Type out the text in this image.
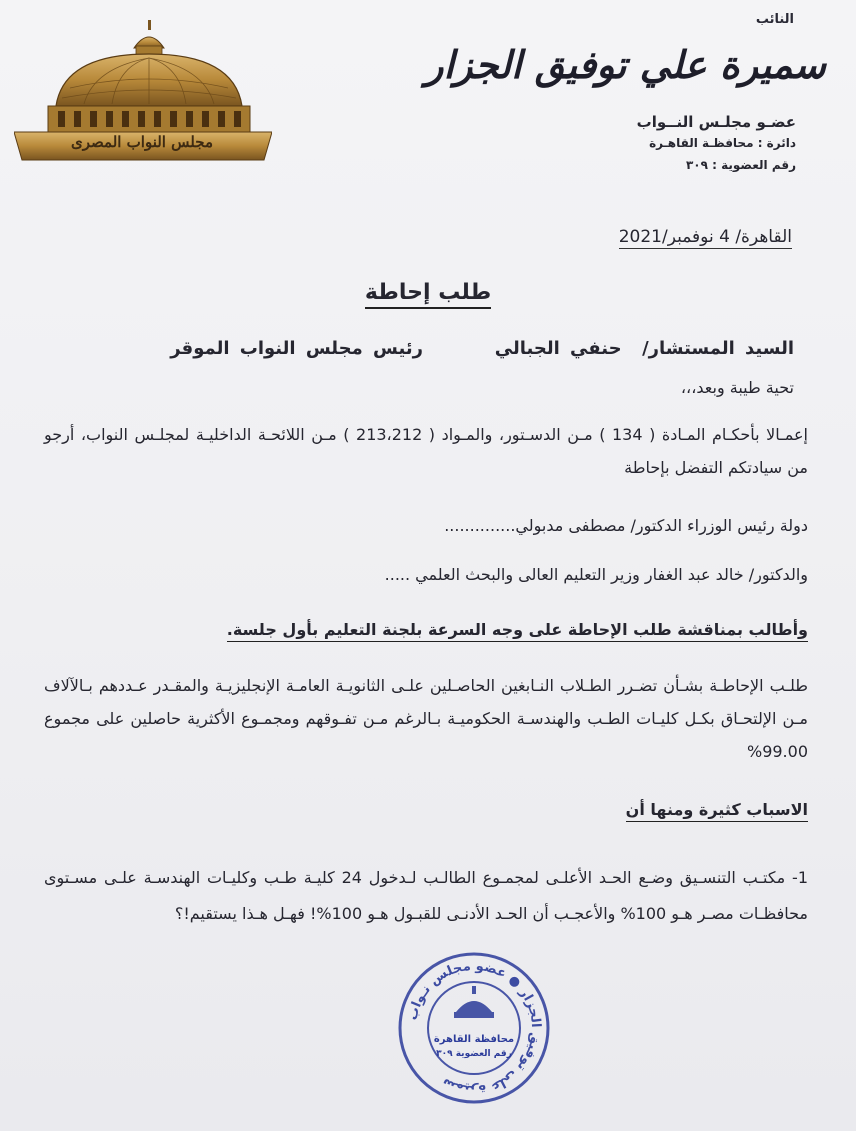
مجلس النواب المصرى
النائب
سميرة علي توفيق الجزار
عضـو مجلـس النــواب
دائرة : محافظـة القاهـرة
رقم العضوية : ٣٠٩
القاهرة/ 4 نوفمبر/2021
طلب إحاطة
السيد المستشار/  حنفي الجبالي       رئيس مجلس النواب الموقر
تحية طيبة وبعد،،،
إعمـالا بأحكـام المـادة ( 134 ) مـن الدسـتور، والمـواد ( 213،212 ) مـن اللائحـة الداخليـة لمجلـس النواب، أرجو من سيادتكم التفضل بإحاطة
دولة رئيس الوزراء الدكتور/ مصطفى مدبولي..............
والدكتور/ خالد عبد الغفار وزير التعليم العالى والبحث العلمي .....
وأطالب بمناقشة طلب الإحاطة على وجه السرعة بلجنة التعليم بأول جلسة.
طلـب الإحاطـة بشـأن تضـرر الطـلاب النـابغين الحاصـلين علـى الثانويـة العامـة الإنجليزيـة والمقـدر عـددهم بـالآلاف مـن الإلتحـاق بكـل كليـات الطـب والهندسـة الحكوميـة بـالرغم مـن تفـوقهم ومجمـوع الأكثرية حاصلين على مجموع 99.00%
الاسباب كثيرة ومنها أن
1- مكتـب التنسـيق وضـع الحـد الأعلـى لمجمـوع الطالـب لـدخول 24 كليـة طـب وكليـات الهندسـة علـى مسـتوى محافظـات مصـر هـو 100% والأعجـب أن الحـد الأدنـى للقبـول هـو 100%! فهـل هـذا يستقيم!؟
سميرة على توفيق الجزار ● عضو مجلس نـواب
محافظة القاهرة
رقم العضوية ٣٠٩
